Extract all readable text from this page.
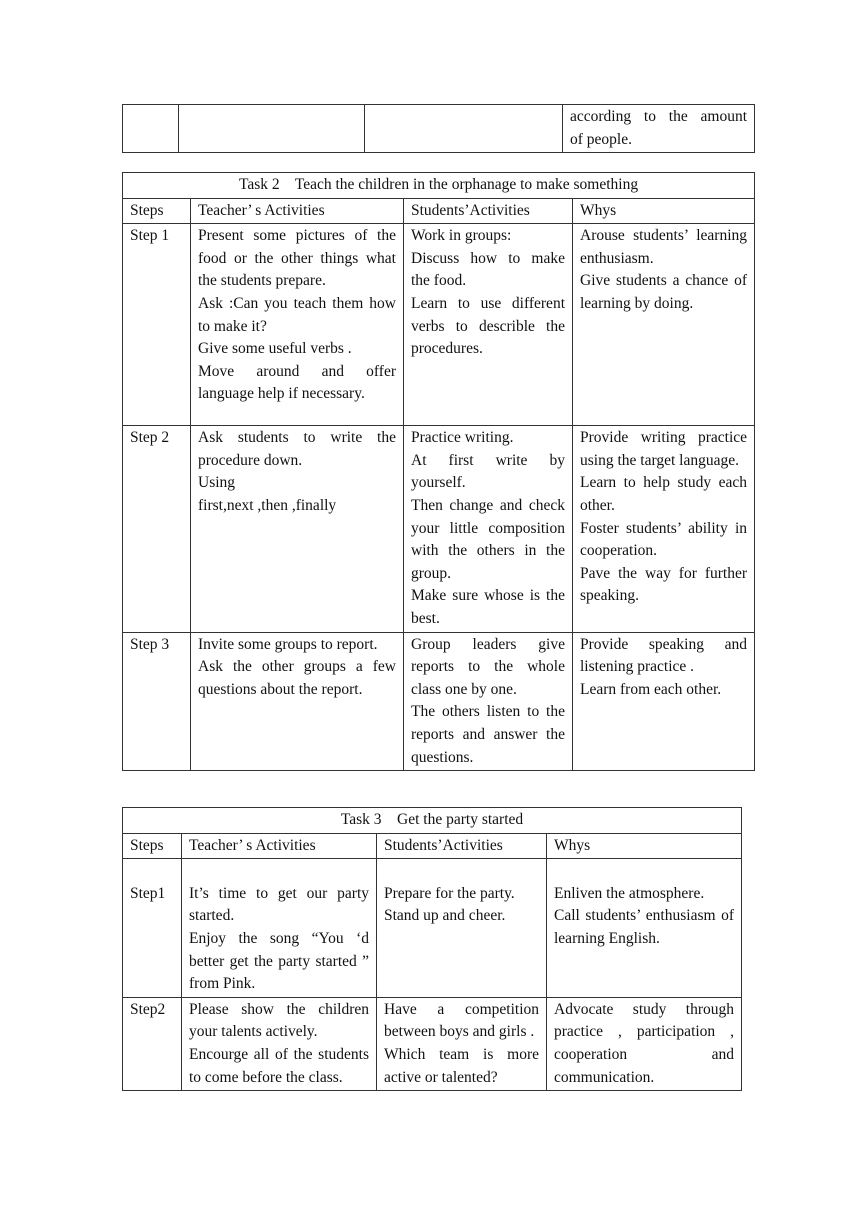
according to the amount
of people.
Task 2    Teach the children in the orphanage to make something			
Steps	Teacher’ s Activities	Students’Activities	Whys
Step 1	Present some pictures of the food or the other things what the students prepare.
Ask :Can you teach them how to make it?
Give some useful verbs .
Move around and offer language help if necessary.	Work in groups:
Discuss how to make the food.
Learn to use different verbs to describle the procedures.	Arouse students’ learning enthusiasm.
Give students a chance of learning by doing.

Step 2	Ask students to write the procedure down.
Using
first,next ,then ,finally	Practice writing.
At first write by yourself.
Then change and check your little composition with the others in the group.
Make sure whose is the best.	Provide writing practice using the target language.
Learn to help study each other.
Foster students’ ability in cooperation.
Pave the way for further speaking.

Step 3	Invite some groups to report.
Ask the other groups a few questions about the report.	Group leaders give reports to the whole class one by one.
The others listen to the reports and answer the questions.	Provide speaking and listening practice .
Learn from each other.
Task 3    Get the party started			
Steps	Teacher’ s Activities	Students’Activities	Whys
Step1	It’s time to get our party started.
Enjoy the song “You ‘d better get the party started ” from Pink.	Prepare for the party.
Stand up and cheer.	Enliven the atmosphere.
Call students’ enthusiasm of learning English.

Step2	Please show the children your talents actively.
Encourge all of the students to come before the class.	Have a competition between boys and girls .
Which team is more active or talented?	Advocate study through practice , participation , cooperation and communication.
